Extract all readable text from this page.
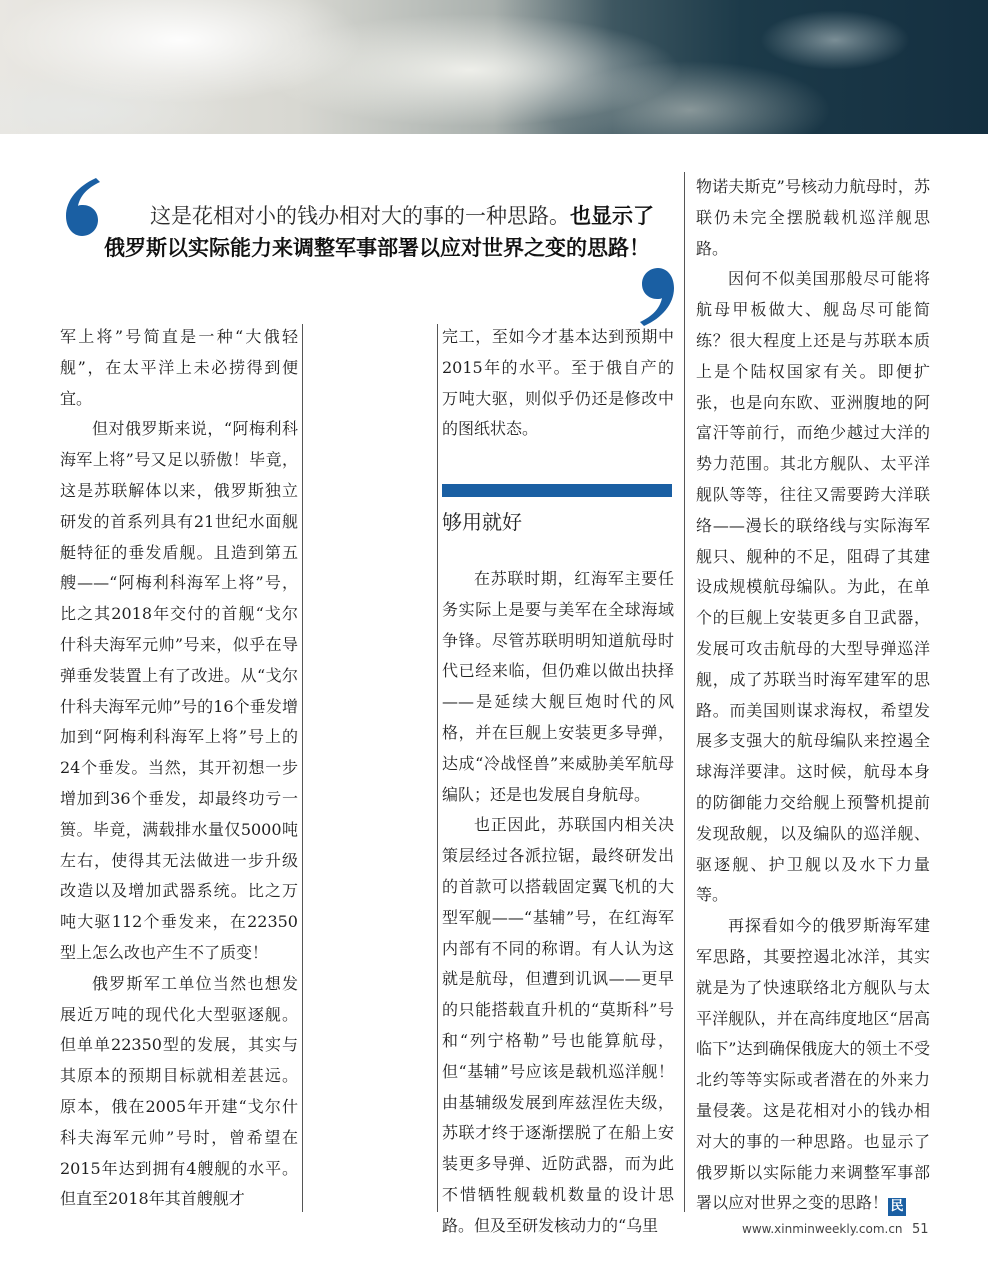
这是花相对小的钱办相对大的事的一种思路。也显示了
俄罗斯以实际能力来调整军事部署以应对世界之变的思路！

军上将”号简直是一种“大俄轻舰”，在太平洋上未必捞得到便宜。

但对俄罗斯来说，“阿梅利科海军上将”号又足以骄傲！毕竟，这是苏联解体以来，俄罗斯独立研发的首系列具有21世纪水面舰艇特征的垂发盾舰。且造到第五艘——“阿梅利科海军上将”号，比之其2018年交付的首舰“戈尔什科夫海军元帅”号来，似乎在导弹垂发装置上有了改进。从“戈尔什科夫海军元帅”号的16个垂发增加到“阿梅利科海军上将”号上的24个垂发。当然，其开初想一步增加到36个垂发，却最终功亏一篑。毕竟，满载排水量仅5000吨左右，使得其无法做进一步升级改造以及增加武器系统。比之万吨大驱112个垂发来，在22350型上怎么改也产生不了质变！

俄罗斯军工单位当然也想发展近万吨的现代化大型驱逐舰。但单单22350型的发展，其实与其原本的预期目标就相差甚远。原本，俄在2005年开建“戈尔什科夫海军元帅”号时，曾希望在2015年达到拥有4艘舰的水平。但直至2018年其首艘舰才

完工，至如今才基本达到预期中2015年的水平。至于俄自产的万吨大驱，则似乎仍还是修改中的图纸状态。

够用就好

在苏联时期，红海军主要任务实际上是要与美军在全球海域争锋。尽管苏联明明知道航母时代已经来临，但仍难以做出抉择——是延续大舰巨炮时代的风格，并在巨舰上安装更多导弹，达成“冷战怪兽”来威胁美军航母编队；还是也发展自身航母。

也正因此，苏联国内相关决策层经过各派拉锯，最终研发出的首款可以搭载固定翼飞机的大型军舰——“基辅”号，在红海军内部有不同的称谓。有人认为这就是航母，但遭到讥讽——更早的只能搭载直升机的“莫斯科”号和“列宁格勒”号也能算航母，但“基辅”号应该是载机巡洋舰！由基辅级发展到库兹涅佐夫级，苏联才终于逐渐摆脱了在船上安装更多导弹、近防武器，而为此不惜牺牲舰载机数量的设计思路。但及至研发核动力的“乌里

物诺夫斯克”号核动力航母时，苏联仍未完全摆脱载机巡洋舰思路。

因何不似美国那般尽可能将航母甲板做大、舰岛尽可能简练？很大程度上还是与苏联本质上是个陆权国家有关。即便扩张，也是向东欧、亚洲腹地的阿富汗等前行，而绝少越过大洋的势力范围。其北方舰队、太平洋舰队等等，往往又需要跨大洋联络——漫长的联络线与实际海军舰只、舰种的不足，阻碍了其建设成规模航母编队。为此，在单个的巨舰上安装更多自卫武器，发展可攻击航母的大型导弹巡洋舰，成了苏联当时海军建军的思路。而美国则谋求海权，希望发展多支强大的航母编队来控遏全球海洋要津。这时候，航母本身的防御能力交给舰上预警机提前发现敌舰，以及编队的巡洋舰、驱逐舰、护卫舰以及水下力量等。

再探看如今的俄罗斯海军建军思路，其要控遏北冰洋，其实就是为了快速联络北方舰队与太平洋舰队，并在高纬度地区“居高临下”达到确保俄庞大的领土不受北约等等实际或者潜在的外来力量侵袭。这是花相对小的钱办相对大的事的一种思路。也显示了俄罗斯以实际能力来调整军事部署以应对世界之变的思路！ 民

www.xinminweekly.com.cn 51
